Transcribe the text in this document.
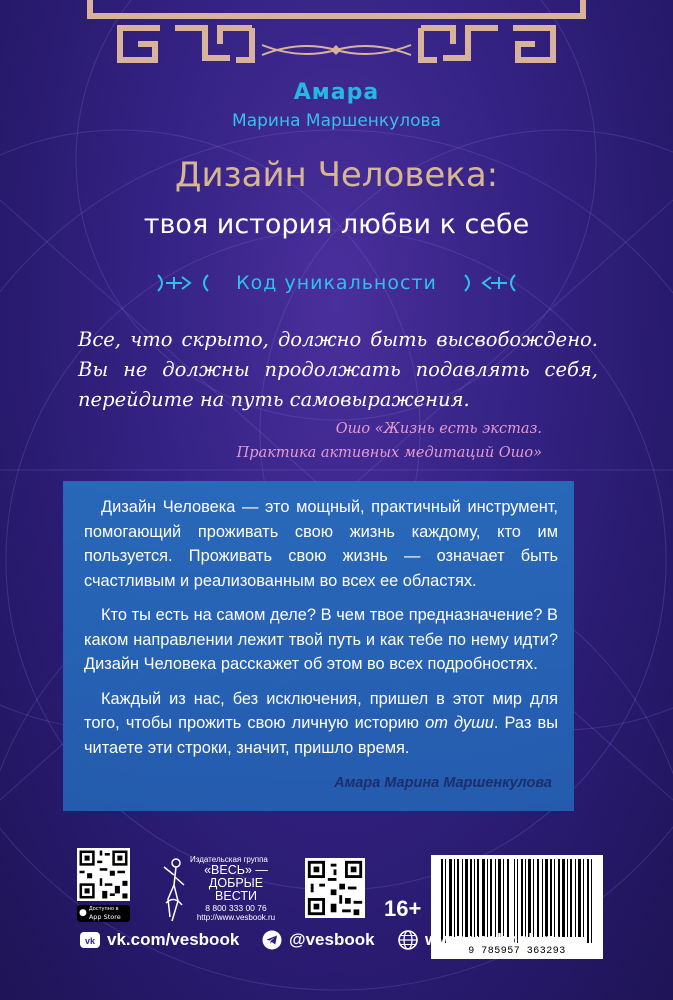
Амара
Марина Маршенкулова
Дизайн Человека:
твоя история любви к себе
Код уникальности
Все, что скрыто, должно быть высвобождено. Вы не должны продолжать подавлять себя, перейдите на путь самовыражения.
Ошо «Жизнь есть экстаз.
Практика активных медитаций Ошо»

Дизайн Человека — это мощный, практичный инструмент, помогающий проживать свою жизнь каждому, кто им пользуется. Проживать свою жизнь — означает быть счастливым и реализованным во всех ее областях.

Кто ты есть на самом деле? В чем твое предназначение? В каком направлении лежит твой путь и как тебе по нему идти? Дизайн Человека расскажет об этом во всех подробностях.

Каждый из нас, без исключения, пришел в этот мир для того, чтобы прожить свою личную историю от души. Раз вы читаете эти строки, значит, пришло время.

Амара Марина Маршенкулова
● Доступно в
App Store
Издательская группа
«ВЕСЬ» —
ДОБРЫЕ ВЕСТИ
8 800 333 00 76
http://www.vesbook.ru	16+
9 785957 363293
vk vk.com/vesbook	@vesbook	www.vesbook.ru
